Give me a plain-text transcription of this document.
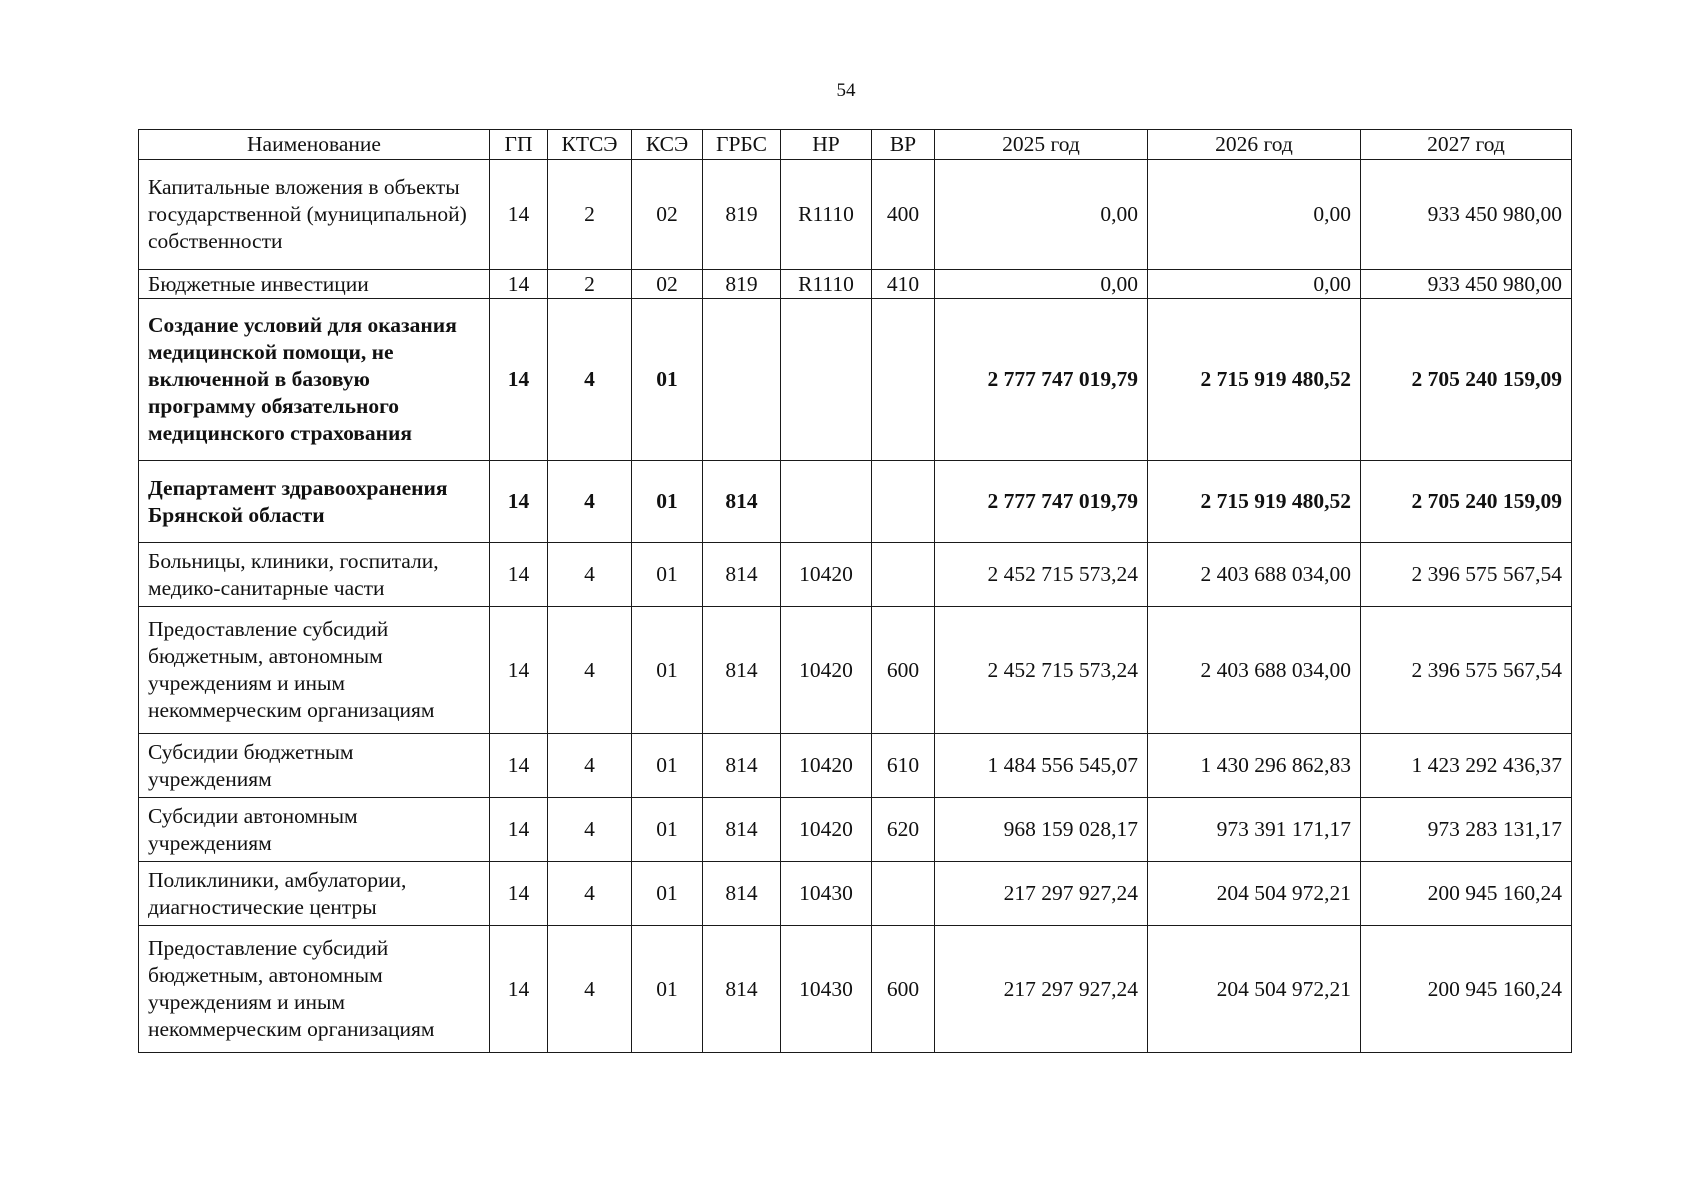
54
Наименование	ГП	КТСЭ	КСЭ	ГРБС	НР	ВР	2025 год	2026 год	2027 год
Капитальные вложения в объекты государственной (муниципальной) собственности	14	2	02	819	R1110	400	0,00	0,00	933 450 980,00
Бюджетные инвестиции	14	2	02	819	R1110	410	0,00	0,00	933 450 980,00
Создание условий для оказания медицинской помощи, не включенной в базовую программу обязательного медицинского страхования	14	4	01				2 777 747 019,79	2 715 919 480,52	2 705 240 159,09
Департамент здравоохранения Брянской области	14	4	01	814			2 777 747 019,79	2 715 919 480,52	2 705 240 159,09
Больницы, клиники, госпитали, медико-санитарные части	14	4	01	814	10420		2 452 715 573,24	2 403 688 034,00	2 396 575 567,54
Предоставление субсидий бюджетным, автономным учреждениям и иным некоммерческим организациям	14	4	01	814	10420	600	2 452 715 573,24	2 403 688 034,00	2 396 575 567,54
Субсидии бюджетным учреждениям	14	4	01	814	10420	610	1 484 556 545,07	1 430 296 862,83	1 423 292 436,37
Субсидии автономным учреждениям	14	4	01	814	10420	620	968 159 028,17	973 391 171,17	973 283 131,17
Поликлиники, амбулатории, диагностические центры	14	4	01	814	10430		217 297 927,24	204 504 972,21	200 945 160,24
Предоставление субсидий бюджетным, автономным учреждениям и иным некоммерческим организациям	14	4	01	814	10430	600	217 297 927,24	204 504 972,21	200 945 160,24
